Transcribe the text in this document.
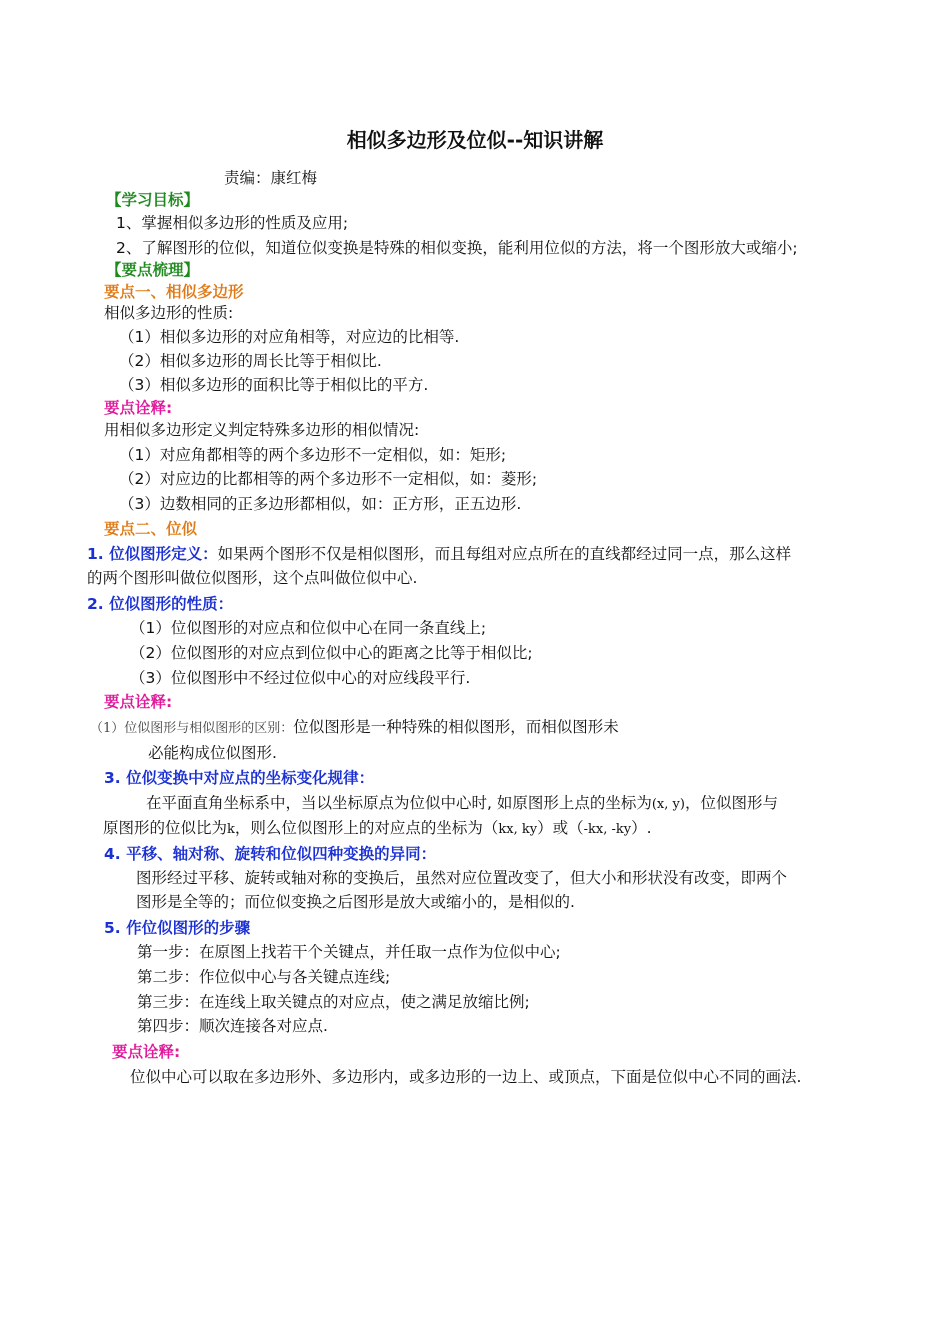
相似多边形及位似--知识讲解
责编：康红梅
【学习目标】
1、掌握相似多边形的性质及应用;
2、了解图形的位似，知道位似变换是特殊的相似变换，能利用位似的方法，将一个图形放大或缩小;
【要点梳理】
要点一、相似多边形
相似多边形的性质:
（1）相似多边形的对应角相等，对应边的比相等.
（2）相似多边形的周长比等于相似比.
（3）相似多边形的面积比等于相似比的平方.
要点诠释:
用相似多边形定义判定特殊多边形的相似情况:
（1）对应角都相等的两个多边形不一定相似，如：矩形;
（2）对应边的比都相等的两个多边形不一定相似，如：菱形;
（3）边数相同的正多边形都相似，如：正方形，正五边形.
要点二、位似
1. 位似图形定义：如果两个图形不仅是相似图形，而且每组对应点所在的直线都经过同一点，那么这样
的两个图形叫做位似图形，这个点叫做位似中心.
2. 位似图形的性质：
（1）位似图形的对应点和位似中心在同一条直线上;
（2）位似图形的对应点到位似中心的距离之比等于相似比;
（3）位似图形中不经过位似中心的对应线段平行.
要点诠释:
（1）位似图形与相似图形的区别：位似图形是一种特殊的相似图形，而相似图形未
必能构成位似图形.
3. 位似变换中对应点的坐标变化规律：
在平面直角坐标系中，当以坐标原点为位似中心时, 如原图形上点的坐标为(x, y)，位似图形与
原图形的位似比为k，则么位似图形上的对应点的坐标为（kx, ky）或（-kx, -ky）.
4. 平移、轴对称、旋转和位似四种变换的异同：
图形经过平移、旋转或轴对称的变换后，虽然对应位置改变了，但大小和形状没有改变，即两个
图形是全等的；而位似变换之后图形是放大或缩小的，是相似的.
5. 作位似图形的步骤
第一步：在原图上找若干个关键点，并任取一点作为位似中心;
第二步：作位似中心与各关键点连线;
第三步：在连线上取关键点的对应点，使之满足放缩比例;
第四步：顺次连接各对应点.
要点诠释:
位似中心可以取在多边形外、多边形内，或多边形的一边上、或顶点，下面是位似中心不同的画法.
